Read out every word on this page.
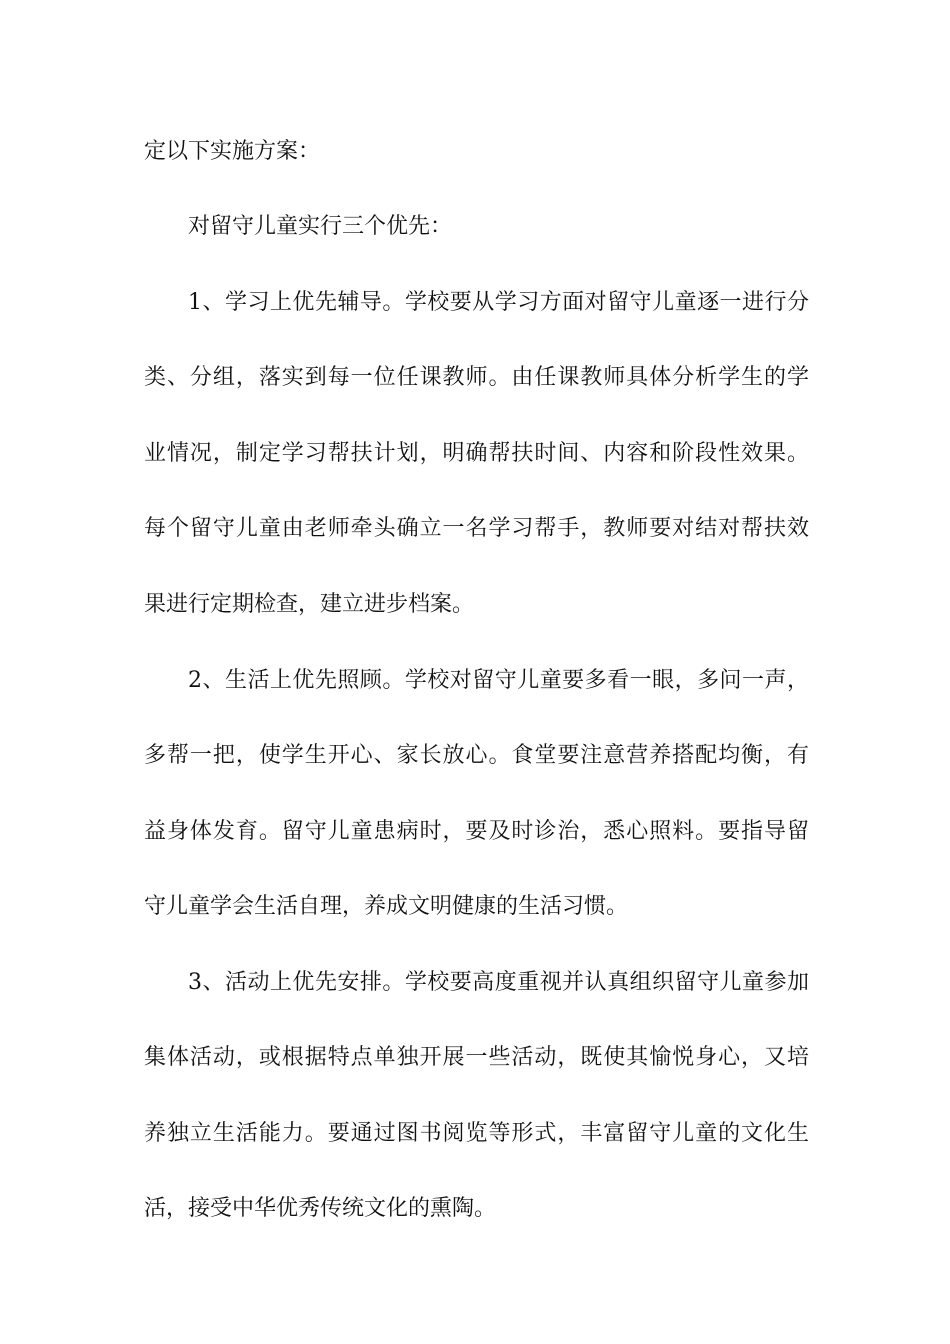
定以下实施方案：
对留守儿童实行三个优先：
1、学习上优先辅导。学校要从学习方面对留守儿童逐一进行分
类、分组，落实到每一位任课教师。由任课教师具体分析学生的学
业情况，制定学习帮扶计划，明确帮扶时间、内容和阶段性效果。
每个留守儿童由老师牵头确立一名学习帮手，教师要对结对帮扶效
果进行定期检查，建立进步档案。
2、生活上优先照顾。学校对留守儿童要多看一眼，多问一声，
多帮一把，使学生开心、家长放心。食堂要注意营养搭配均衡，有
益身体发育。留守儿童患病时，要及时诊治，悉心照料。要指导留
守儿童学会生活自理，养成文明健康的生活习惯。
3、活动上优先安排。学校要高度重视并认真组织留守儿童参加
集体活动，或根据特点单独开展一些活动，既使其愉悦身心，又培
养独立生活能力。要通过图书阅览等形式，丰富留守儿童的文化生
活，接受中华优秀传统文化的熏陶。
